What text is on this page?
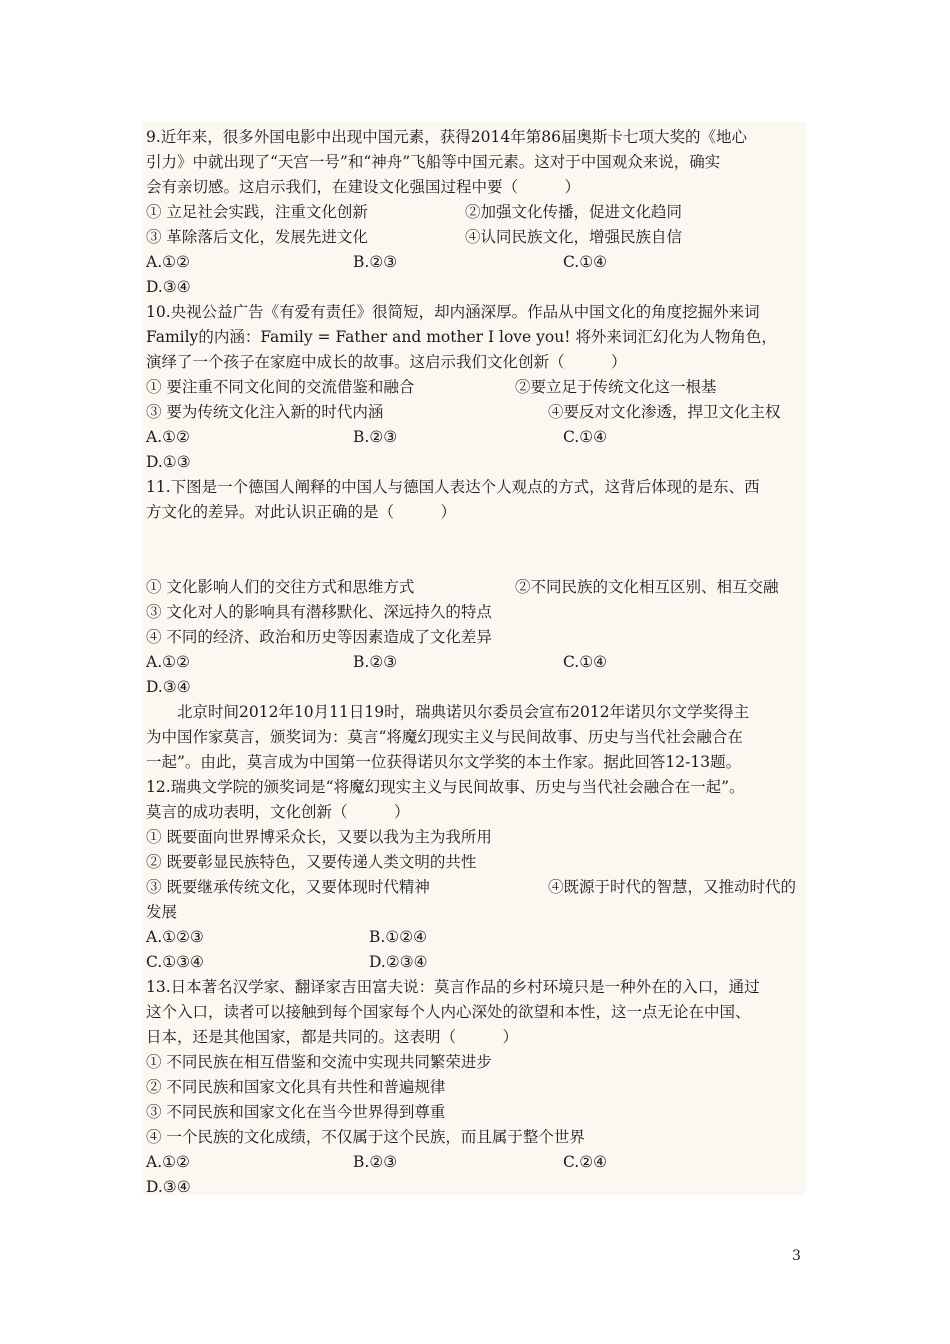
9.近年来，很多外国电影中出现中国元素，获得2014年第86届奥斯卡七项大奖的《地心
引力》中就出现了“天宫一号”和“神舟”飞船等中国元素。这对于中国观众来说，确实
会有亲切感。这启示我们，在建设文化强国过程中要（　　　）
① 立足社会实践，注重文化创新	②加强文化传播，促进文化趋同
③ 革除落后文化，发展先进文化	④认同民族文化，增强民族自信
A.①②	B.②③	C.①④
D.③④
10.央视公益广告《有爱有责任》很简短，却内涵深厚。作品从中国文化的角度挖掘外来词
Family的内涵：Family = Father and mother I love you! 将外来词汇幻化为人物角色，
演绎了一个孩子在家庭中成长的故事。这启示我们文化创新（　　　）
① 要注重不同文化间的交流借鉴和融合	②要立足于传统文化这一根基
③ 要为传统文化注入新的时代内涵	④要反对文化渗透，捍卫文化主权
A.①②	B.②③	C.①④
D.①③
11.下图是一个德国人阐释的中国人与德国人表达个人观点的方式，这背后体现的是东、西
方文化的差异。对此认识正确的是（　　　）
① 文化影响人们的交往方式和思维方式	②不同民族的文化相互区别、相互交融
③ 文化对人的影响具有潜移默化、深远持久的特点
④ 不同的经济、政治和历史等因素造成了文化差异
A.①②	B.②③	C.①④
D.③④
北京时间2012年10月11日19时，瑞典诺贝尔委员会宣布2012年诺贝尔文学奖得主
为中国作家莫言，颁奖词为：莫言“将魔幻现实主义与民间故事、历史与当代社会融合在
一起”。由此，莫言成为中国第一位获得诺贝尔文学奖的本土作家。据此回答12-13题。
12.瑞典文学院的颁奖词是“将魔幻现实主义与民间故事、历史与当代社会融合在一起”。
莫言的成功表明，文化创新（　　　）
① 既要面向世界博采众长，又要以我为主为我所用
② 既要彰显民族特色，又要传递人类文明的共性
③ 既要继承传统文化，又要体现时代精神	④既源于时代的智慧，又推动时代的
发展
A.①②③	B.①②④
C.①③④	D.②③④
13.日本著名汉学家、翻译家吉田富夫说：莫言作品的乡村环境只是一种外在的入口，通过
这个入口，读者可以接触到每个国家每个人内心深处的欲望和本性，这一点无论在中国、
日本，还是其他国家，都是共同的。这表明（　　　）
① 不同民族在相互借鉴和交流中实现共同繁荣进步
② 不同民族和国家文化具有共性和普遍规律
③ 不同民族和国家文化在当今世界得到尊重
④ 一个民族的文化成绩，不仅属于这个民族，而且属于整个世界
A.①②	B.②③	C.②④
D.③④
3
